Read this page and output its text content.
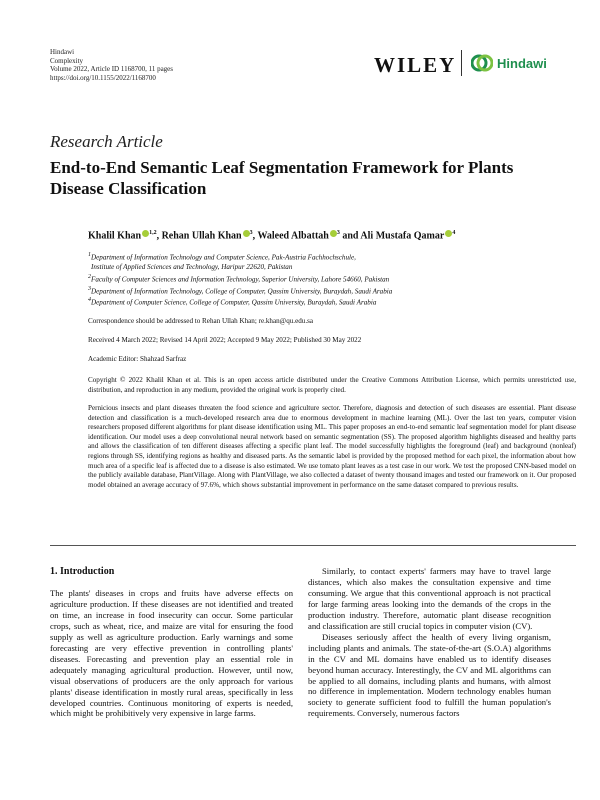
Hindawi
Complexity
Volume 2022, Article ID 1168700, 11 pages
https://doi.org/10.1155/2022/1168700
WILEY	Hindawi
Research Article
End-to-End Semantic Leaf Segmentation Framework for Plants Disease Classification
Khalil Khan $^{1,2}$, Rehan Ullah Khan $^3$, Waleed Albattah $^3$ and Ali Mustafa Qamar $^4$
$^1$Department of Information Technology and Computer Science, Pak-Austria Fachhochschule,
Institute of Applied Sciences and Technology, Haripur 22620, Pakistan
$^2$Faculty of Computer Sciences and Information Technology, Superior University, Lahore 54660, Pakistan
$^3$Department of Information Technology, College of Computer, Qassim University, Buraydah, Saudi Arabia
$^4$Department of Computer Science, College of Computer, Qassim University, Buraydah, Saudi Arabia
Correspondence should be addressed to Rehan Ullah Khan; re.khan@qu.edu.sa
Received 4 March 2022; Revised 14 April 2022; Accepted 9 May 2022; Published 30 May 2022
Academic Editor: Shahzad Sarfraz
Copyright © 2022 Khalil Khan et al. This is an open access article distributed under the Creative Commons Attribution License, which permits unrestricted use, distribution, and reproduction in any medium, provided the original work is properly cited.
Pernicious insects and plant diseases threaten the food science and agriculture sector. Therefore, diagnosis and detection of such diseases are essential. Plant disease detection and classification is a much-developed research area due to enormous development in machine learning (ML). Over the last ten years, computer vision researchers proposed different algorithms for plant disease identification using ML. This paper proposes an end-to-end semantic leaf segmentation model for plant disease identification. Our model uses a deep convolutional neural network based on semantic segmentation (SS). The proposed algorithm highlights diseased and healthy parts and allows the classification of ten different diseases affecting a specific plant leaf. The model successfully highlights the foreground (leaf) and background (nonleaf) regions through SS, identifying regions as healthy and diseased parts. As the semantic label is provided by the proposed method for each pixel, the information about how much area of a specific leaf is affected due to a disease is also estimated. We use tomato plant leaves as a test case in our work. We test the proposed CNN-based model on the publicly available database, PlantVillage. Along with PlantVillage, we also collected a dataset of twenty thousand images and tested our framework on it. Our proposed model obtained an average accuracy of 97.6%, which shows substantial improvement in performance on the same dataset compared to previous results.
1. Introduction

The plants' diseases in crops and fruits have adverse effects on agriculture production. If these diseases are not identified and treated on time, an increase in food insecurity can occur. Some particular crops, such as wheat, rice, and maize are vital for ensuring the food supply as well as agriculture production. Early warnings and some forecasting are very effective prevention in controlling plants' diseases. Forecasting and prevention play an essential role in adequately managing agricultural production. However, until now, visual observations of producers are the only approach for various plants' disease identification in mostly rural areas, specifically in less developed countries. Continuous monitoring of experts is needed, which might be prohibitively very expensive in large farms.

Similarly, to contact experts' farmers may have to travel large distances, which also makes the consultation expensive and time consuming. We argue that this conventional approach is not practical for large farming areas looking into the demands of the crops in the production industry. Therefore, automatic plant disease recognition and classification are still crucial topics in computer vision (CV).

Diseases seriously affect the health of every living organism, including plants and animals. The state-of-the-art (S.O.A) algorithms in the CV and ML domains have enabled us to identify diseases beyond human accuracy. Interestingly, the CV and ML algorithms can be applied to all domains, including plants and humans, with almost no difference in implementation. Modern technology enables human society to generate sufficient food to fulfill the human population's requirements. Conversely, numerous factors
